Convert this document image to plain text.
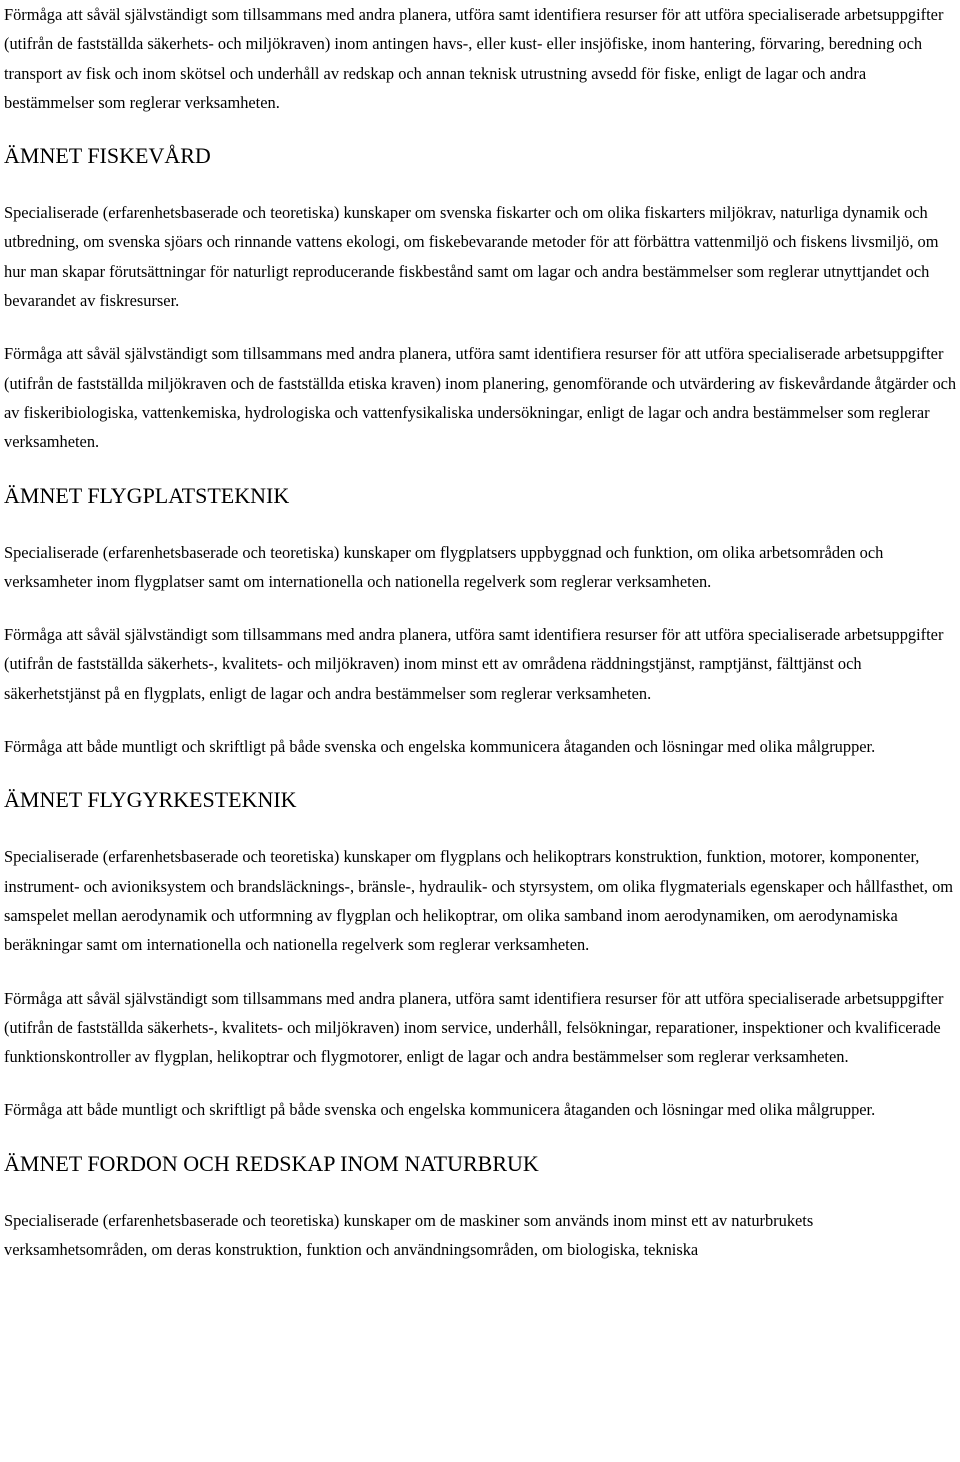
Förmåga att såväl självständigt som tillsammans med andra planera, utföra samt identifiera resurser för att utföra specialiserade arbetsuppgifter (utifrån de fastställda säkerhets- och miljökraven) inom antingen havs-, eller kust- eller insjöfiske, inom hantering, förvaring, beredning och transport av fisk och inom skötsel och underhåll av redskap och annan teknisk utrustning avsedd för fiske, enligt de lagar och andra bestämmelser som reglerar verksamheten.

ÄMNET FISKEVÅRD

Specialiserade (erfarenhetsbaserade och teoretiska) kunskaper om svenska fiskarter och om olika fiskarters miljökrav, naturliga dynamik och utbredning, om svenska sjöars och rinnande vattens ekologi, om fiskebevarande metoder för att förbättra vattenmiljö och fiskens livsmiljö, om hur man skapar förutsättningar för naturligt reproducerande fiskbestånd samt om lagar och andra bestämmelser som reglerar utnyttjandet och bevarandet av fiskresurser.

Förmåga att såväl självständigt som tillsammans med andra planera, utföra samt identifiera resurser för att utföra specialiserade arbetsuppgifter (utifrån de fastställda miljökraven och de fastställda etiska kraven) inom planering, genomförande och utvärdering av fiskevårdande åtgärder och av fiskeribiologiska, vattenkemiska, hydrologiska och vattenfysikaliska undersökningar, enligt de lagar och andra bestämmelser som reglerar verksamheten.

ÄMNET FLYGPLATSTEKNIK

Specialiserade (erfarenhetsbaserade och teoretiska) kunskaper om flygplatsers uppbyggnad och funktion, om olika arbetsområden och verksamheter inom flygplatser samt om internationella och nationella regelverk som reglerar verksamheten.

Förmåga att såväl självständigt som tillsammans med andra planera, utföra samt identifiera resurser för att utföra specialiserade arbetsuppgifter (utifrån de fastställda säkerhets-, kvalitets- och miljökraven) inom minst ett av områdena räddningstjänst, ramptjänst, fälttjänst och säkerhetstjänst på en flygplats, enligt de lagar och andra bestämmelser som reglerar verksamheten.

Förmåga att både muntligt och skriftligt på både svenska och engelska kommunicera åtaganden och lösningar med olika målgrupper.

ÄMNET FLYGYRKESTEKNIK

Specialiserade (erfarenhetsbaserade och teoretiska) kunskaper om flygplans och helikoptrars konstruktion, funktion, motorer, komponenter, instrument- och avioniksystem och brandsläcknings-, bränsle-, hydraulik- och styrsystem, om olika flygmaterials egenskaper och hållfasthet, om samspelet mellan aerodynamik och utformning av flygplan och helikoptrar, om olika samband inom aerodynamiken, om aerodynamiska beräkningar samt om internationella och nationella regelverk som reglerar verksamheten.

Förmåga att såväl självständigt som tillsammans med andra planera, utföra samt identifiera resurser för att utföra specialiserade arbetsuppgifter (utifrån de fastställda säkerhets-, kvalitets- och miljökraven) inom service, underhåll, felsökningar, reparationer, inspektioner och kvalificerade funktionskontroller av flygplan, helikoptrar och flygmotorer, enligt de lagar och andra bestämmelser som reglerar verksamheten.

Förmåga att både muntligt och skriftligt på både svenska och engelska kommunicera åtaganden och lösningar med olika målgrupper.

ÄMNET FORDON OCH REDSKAP INOM NATURBRUK

Specialiserade (erfarenhetsbaserade och teoretiska) kunskaper om de maskiner som används inom minst ett av naturbrukets verksamhetsområden, om deras konstruktion, funktion och användningsområden, om biologiska, tekniska
